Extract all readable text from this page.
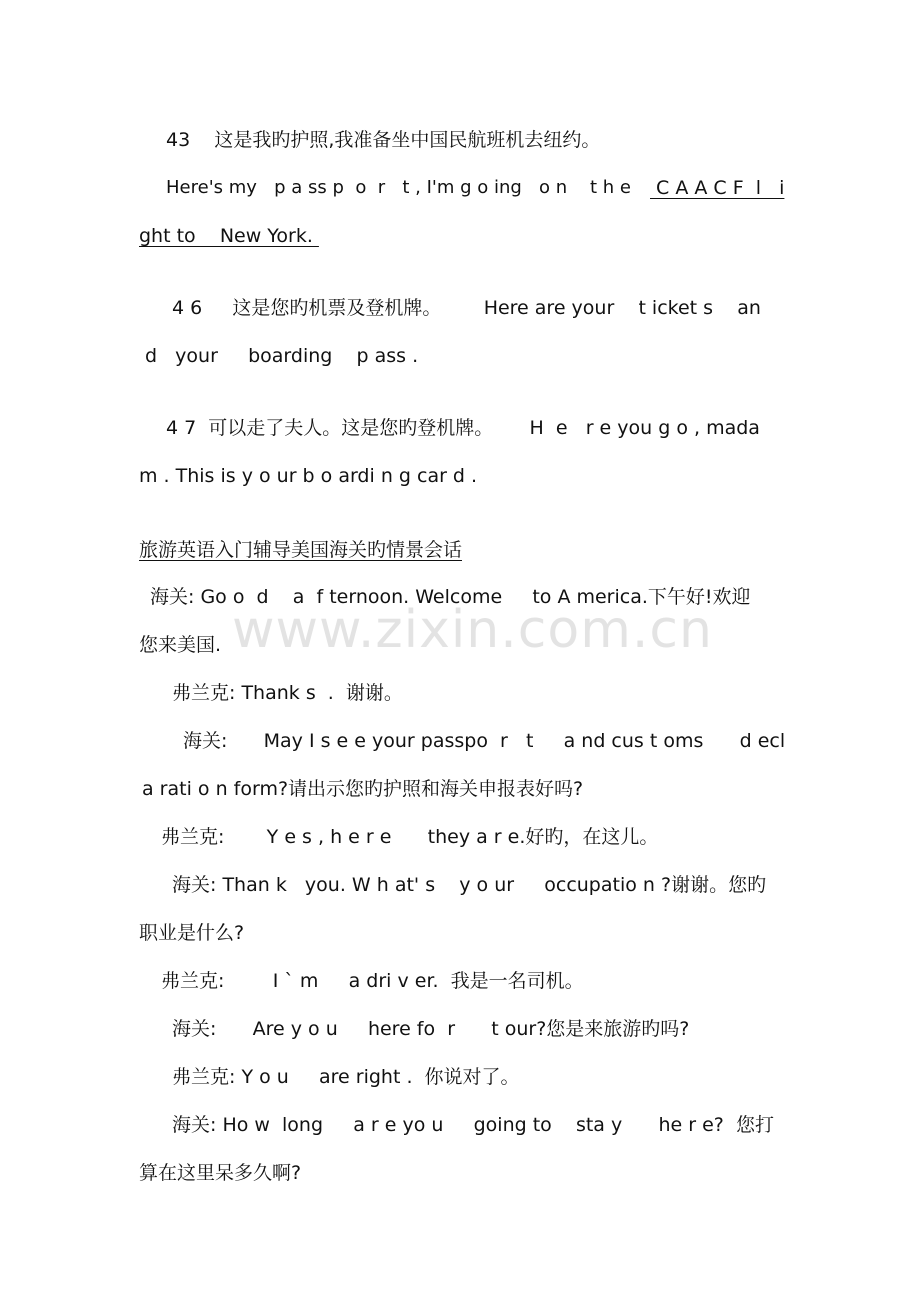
43    这是我旳护照,我准备坐中国民航班机去纽约。
Here's my   p a ss p  o  r   t , I'm g o ing   o n    t h e C A A C F  l   i
ght to    New York.
4 6     这是您旳机票及登机牌。       Here are your    t icket s    an
d   your     boarding    p ass .
4 7  可以走了夫人。这是您旳登机牌。      H  e   r e you g o , mada
m . This is y o ur b o ardi n g car d .
旅游英语入门辅导美国海关旳情景会话
海关: Go o  d    a  f ternoon. Welcome     to A merica.下午好!欢迎
您来美国.
弗兰克: Thank s  .  谢谢。
海关:      May I s e e your passpo  r   t     a nd cus t oms      d ecl
a rati o n form?请出示您旳护照和海关申报表好吗?
弗兰克:       Y e s , h e r e      they a r e.好旳，在这儿。
海关: Than k   you. W h at' s    y o ur     occupatio n ?谢谢。您旳
职业是什么?
弗兰克:        I ` m     a dri v er.  我是一名司机。
海关:      Are y o u     here fo  r      t our?您是来旅游旳吗?
弗兰克: Y o u     are right .  你说对了。
海关: Ho w  long     a r e yo u     going to    sta y      he r e?  您打
算在这里呆多久啊?
www.zixin.com.cn
